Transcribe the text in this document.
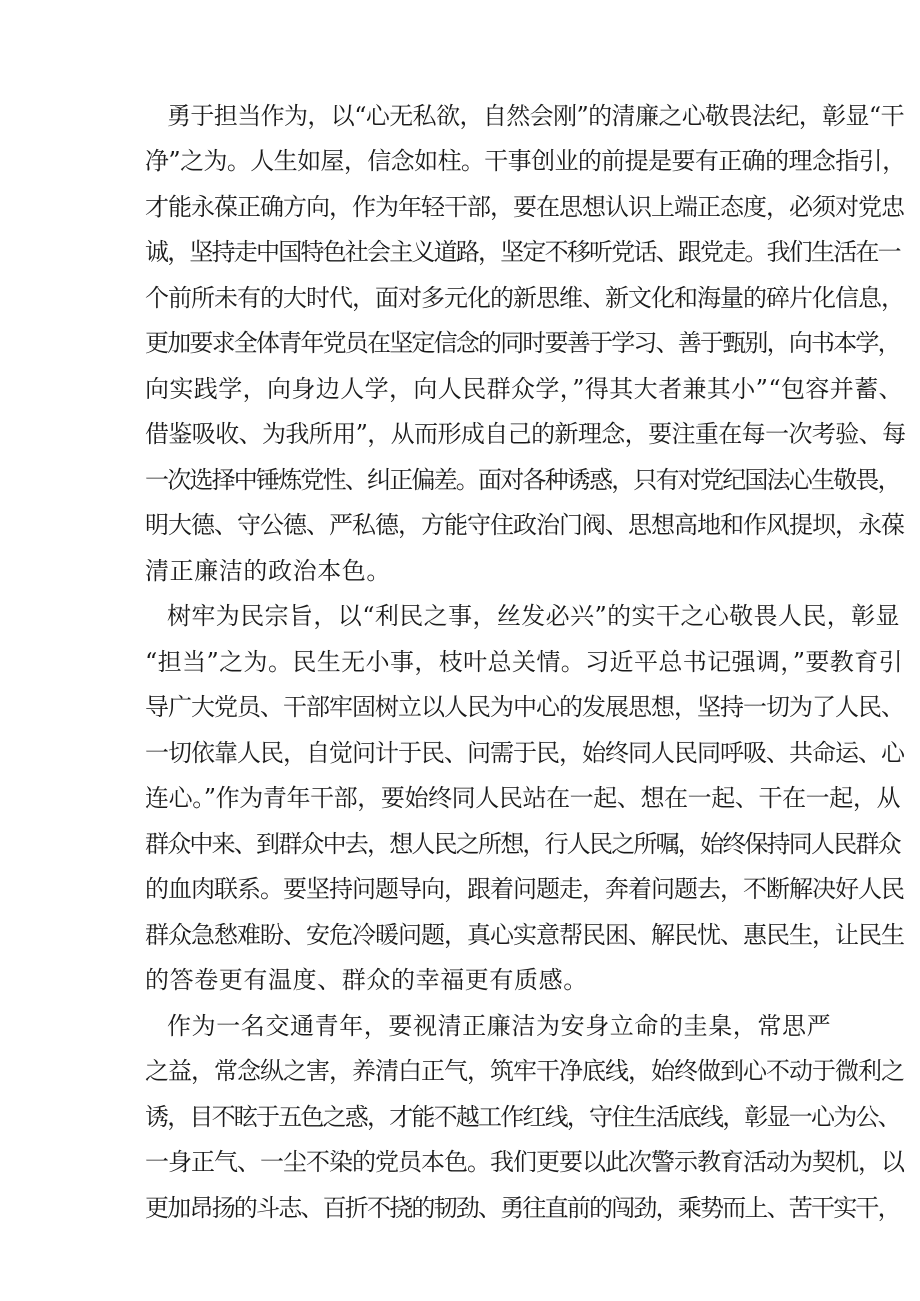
勇于担当作为，以“心无私欲，自然会刚”的清廉之心敬畏法纪，彰显“干
净”之为。人生如屋，信念如柱。干事创业的前提是要有正确的理念指引，
才能永葆正确方向，作为年轻干部，要在思想认识上端正态度，必须对党忠
诚，坚持走中国特色社会主义道路，坚定不移听党话、跟党走。我们生活在一
个前所未有的大时代，面对多元化的新思维、新文化和海量的碎片化信息，
更加要求全体青年党员在坚定信念的同时要善于学习、善于甄别，向书本学，
向实践学，向身边人学，向人民群众学，”得其大者兼其小”“包容并蓄、
借鉴吸收、为我所用”，从而形成自己的新理念，要注重在每一次考验、每
一次选择中锤炼党性、纠正偏差。面对各种诱惑，只有对党纪国法心生敬畏，
明大德、守公德、严私德，方能守住政治门阀、思想高地和作风提坝，永葆
清正廉洁的政治本色。
树牢为民宗旨，以“利民之事，丝发必兴”的实干之心敬畏人民，彰显
“担当”之为。民生无小事，枝叶总关情。习近平总书记强调，”要教育引
导广大党员、干部牢固树立以人民为中心的发展思想，坚持一切为了人民、
一切依靠人民，自觉问计于民、问需于民，始终同人民同呼吸、共命运、心
连心。”作为青年干部，要始终同人民站在一起、想在一起、干在一起，从
群众中来、到群众中去，想人民之所想，行人民之所嘱，始终保持同人民群众
的血肉联系。要坚持问题导向，跟着问题走，奔着问题去，不断解决好人民
群众急愁难盼、安危冷暖问题，真心实意帮民困、解民忧、惠民生，让民生
的答卷更有温度、群众的幸福更有质感。
作为一名交通青年，要视清正廉洁为安身立命的圭臬，常思严
之益，常念纵之害，养清白正气，筑牢干净底线，始终做到心不动于微利之
诱，目不眩于五色之惑，才能不越工作红线，守住生活底线，彰显一心为公、
一身正气、一尘不染的党员本色。我们更要以此次警示教育活动为契机，以
更加昂扬的斗志、百折不挠的韧劲、勇往直前的闯劲，乘势而上、苦干实干，
